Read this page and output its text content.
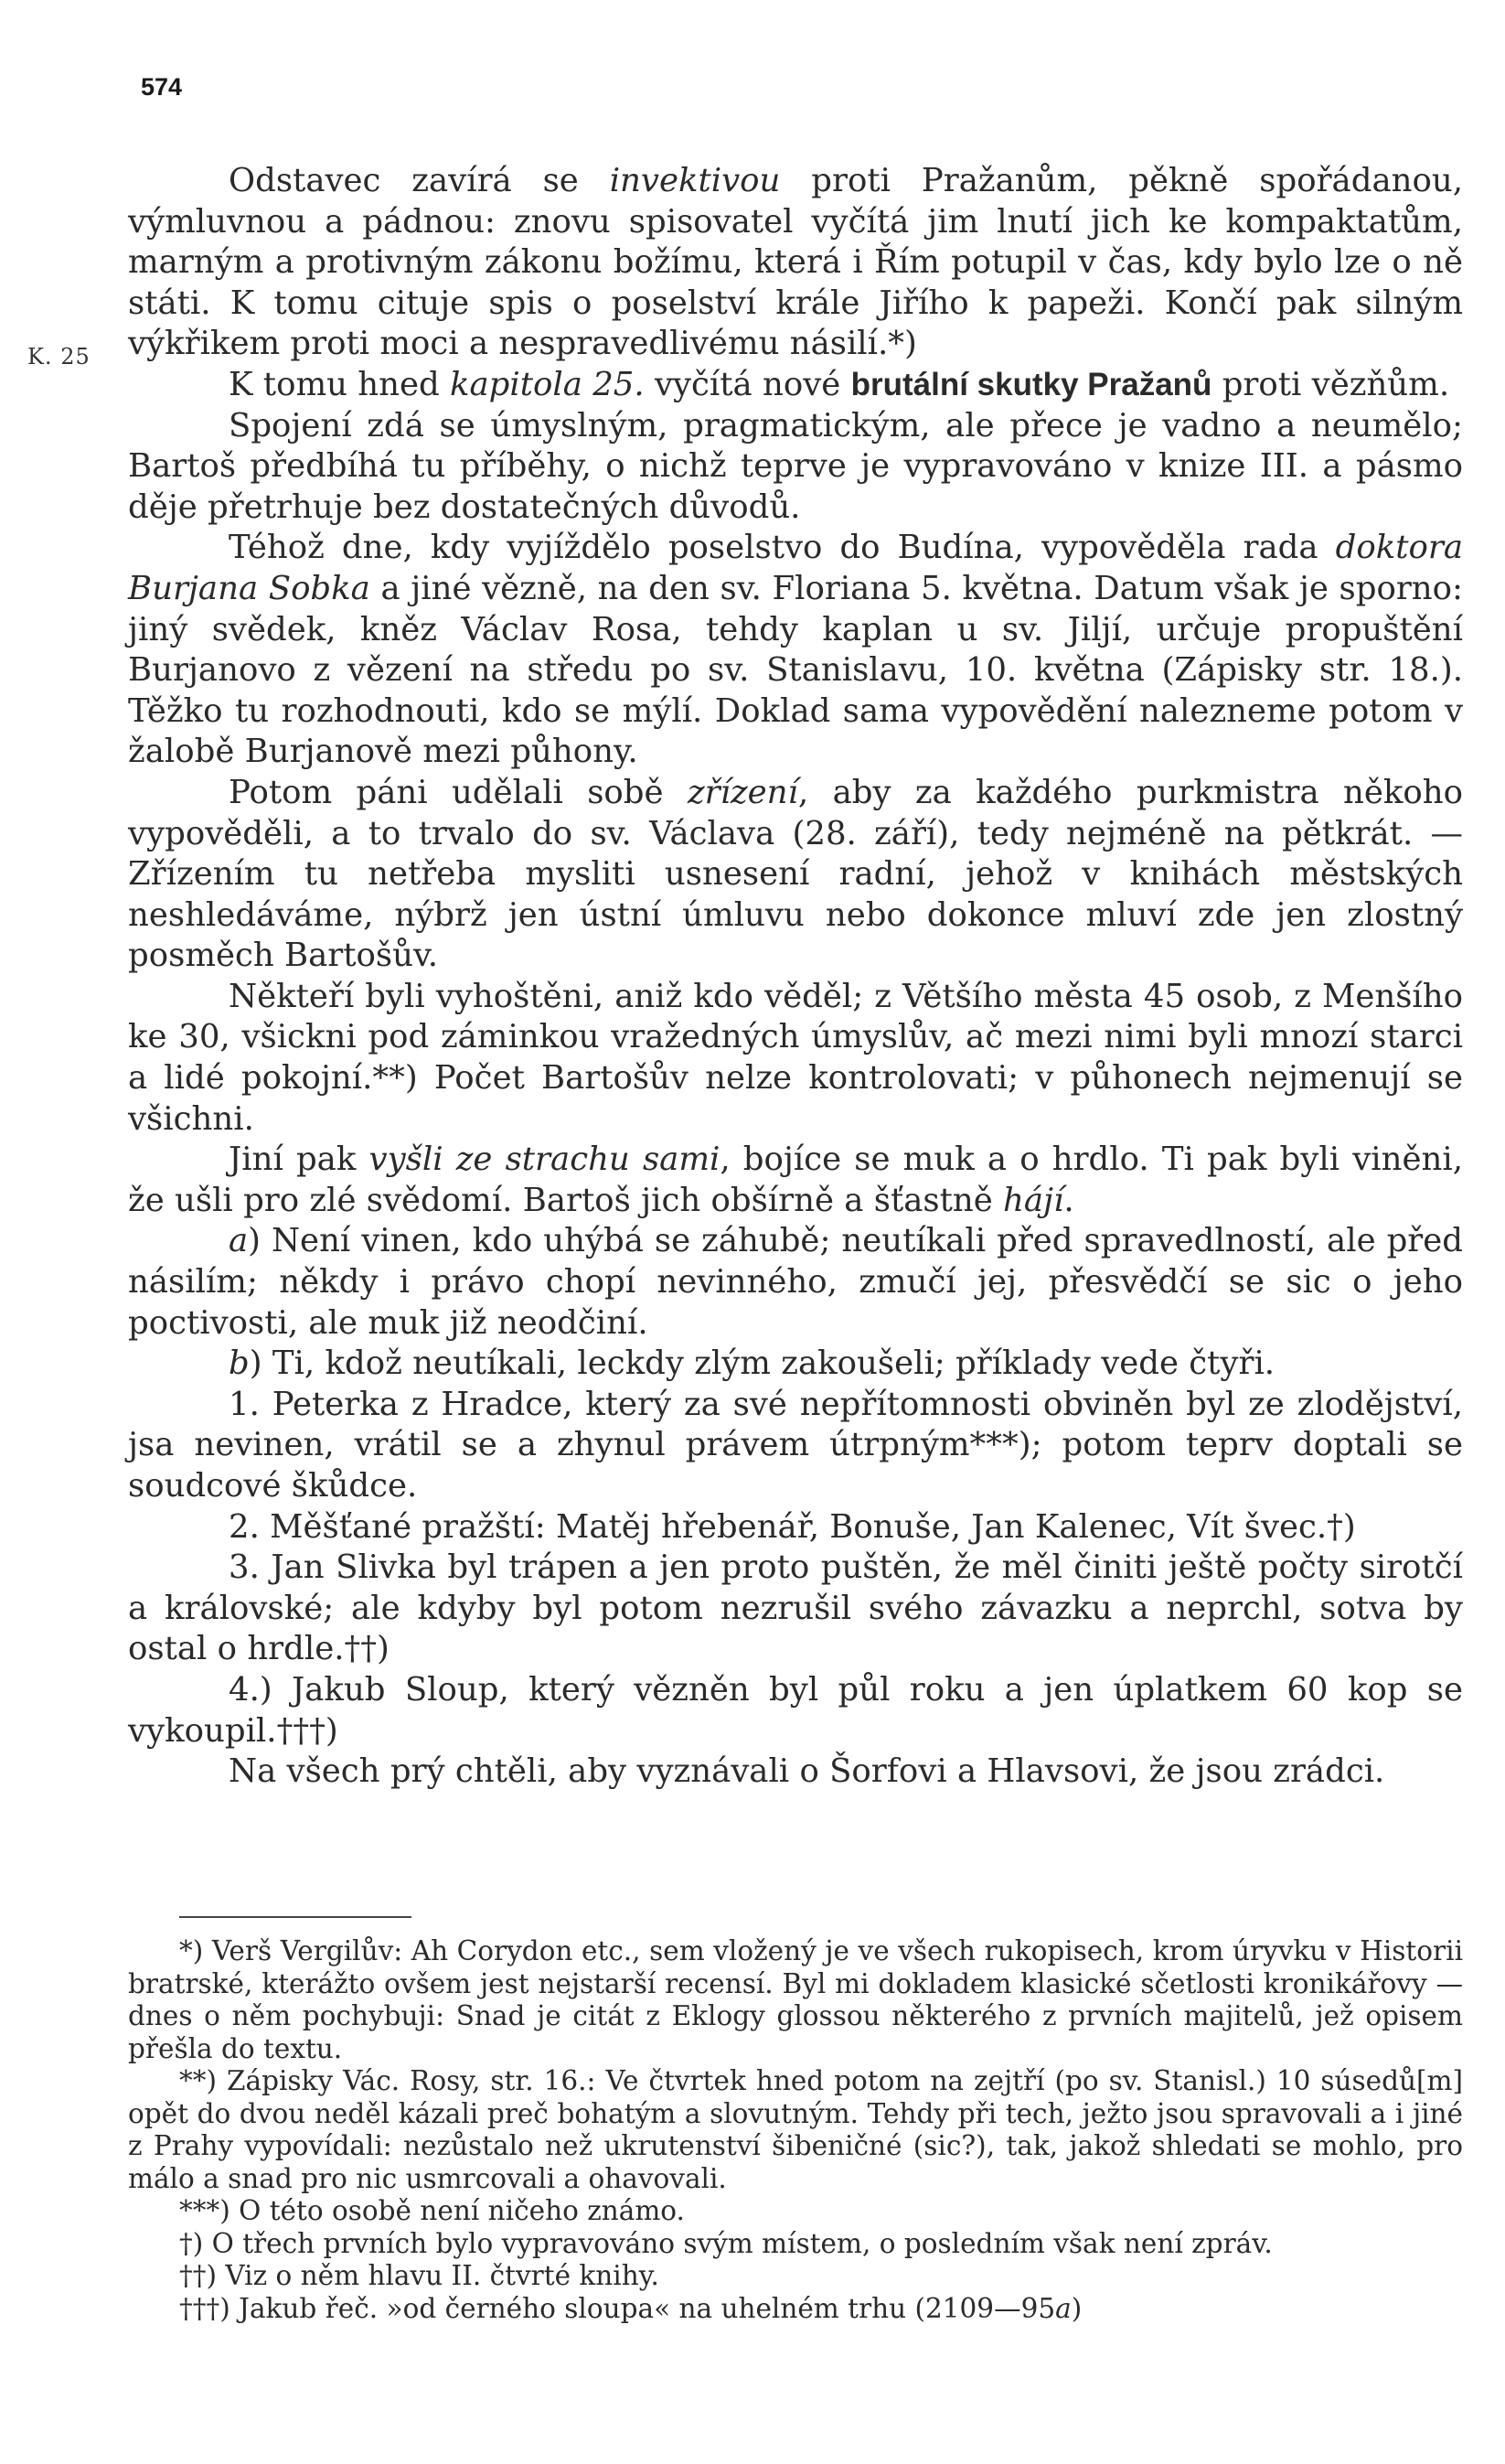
574
K. 25

Odstavec zavírá se invektivou proti Pražanům, pěkně spořádanou, výmluvnou a pádnou: znovu spisovatel vyčítá jim lnutí jich ke kompaktatům, marným a protivným zákonu božímu, která i Řím potupil v čas, kdy bylo lze o ně státi. K tomu cituje spis o poselství krále Jiřího k papeži. Končí pak silným výkřikem proti moci a nespravedlivému násilí.*)

K tomu hned kapitola 25. vyčítá nové brutální skutky Pražanů proti vězňům.

Spojení zdá se úmyslným, pragmatickým, ale přece je vadno a neumělo; Bartoš předbíhá tu příběhy, o nichž teprve je vypravováno v knize III. a pásmo děje přetrhuje bez dostatečných důvodů.

Téhož dne, kdy vyjíždělo poselstvo do Budína, vypověděla rada doktora Burjana Sobka a jiné vězně, na den sv. Floriana 5. května. Datum však je sporno: jiný svědek, kněz Václav Rosa, tehdy kaplan u sv. Jiljí, určuje propuštění Burjanovo z vězení na středu po sv. Stanislavu, 10. května (Zápisky str. 18.). Těžko tu rozhodnouti, kdo se mýlí. Doklad sama vypovědění nalezneme potom v žalobě Burjanově mezi půhony.

Potom páni udělali sobě zřízení, aby za každého purkmistra někoho vypověděli, a to trvalo do sv. Václava (28. září), tedy nejméně na pětkrát. — Zřízením tu netřeba mysliti usnesení radní, jehož v knihách městských neshledáváme, nýbrž jen ústní úmluvu nebo dokonce mluví zde jen zlostný posměch Bartošův.

Někteří byli vyhoštěni, aniž kdo věděl; z Většího města 45 osob, z Menšího ke 30, všickni pod záminkou vražedných úmyslův, ač mezi nimi byli mnozí starci a lidé pokojní.**) Počet Bartošův nelze kontrolovati; v půhonech nejmenují se všichni.

Jiní pak vyšli ze strachu sami, bojíce se muk a o hrdlo. Ti pak byli viněni, že ušli pro zlé svědomí. Bartoš jich obšírně a šťastně hájí.

a) Není vinen, kdo uhýbá se záhubě; neutíkali před spravedlností, ale před násilím; někdy i právo chopí nevinného, zmučí jej, přesvědčí se sic o jeho poctivosti, ale muk již neodčiní.

b) Ti, kdož neutíkali, leckdy zlým zakoušeli; příklady vede čtyři.

1. Peterka z Hradce, který za své nepřítomnosti obviněn byl ze zlodějství, jsa nevinen, vrátil se a zhynul právem útrpným***); potom teprv doptali se soudcové škůdce.

2. Měšťané pražští: Matěj hřebenář, Bonuše, Jan Kalenec, Vít švec.†)

3. Jan Slivka byl trápen a jen proto puštěn, že měl činiti ještě počty sirotčí a královské; ale kdyby byl potom nezrušil svého závazku a neprchl, sotva by ostal o hrdle.††)

4.) Jakub Sloup, který vězněn byl půl roku a jen úplatkem 60 kop se vykoupil.†††)

Na všech prý chtěli, aby vyznávali o Šorfovi a Hlavsovi, že jsou zrádci.

*) Verš Vergilův: Ah Corydon etc., sem vložený je ve všech rukopisech, krom úryvku v Historii bratrské, kterážto ovšem jest nejstarší recensí. Byl mi dokladem klasické sčetlosti kronikářovy — dnes o něm pochybuji: Snad je citát z Eklogy glossou některého z prvních majitelů, jež opisem přešla do textu.

**) Zápisky Vác. Rosy, str. 16.: Ve čtvrtek hned potom na zejtří (po sv. Stanisl.) 10 súsedů[m] opět do dvou neděl kázali preč bohatým a slovutným. Tehdy při tech, ježto jsou spravovali a i jiné z Prahy vypovídali: nezůstalo než ukrutenství šibeničné (sic?), tak, jakož shledati se mohlo, pro málo a snad pro nic usmrcovali a ohavovali.

***) O této osobě není ničeho známo.

†) O třech prvních bylo vypravováno svým místem, o posledním však není zpráv.

††) Viz o něm hlavu II. čtvrté knihy.

†††) Jakub řeč. »od černého sloupa« na uhelném trhu (2109—95a)
